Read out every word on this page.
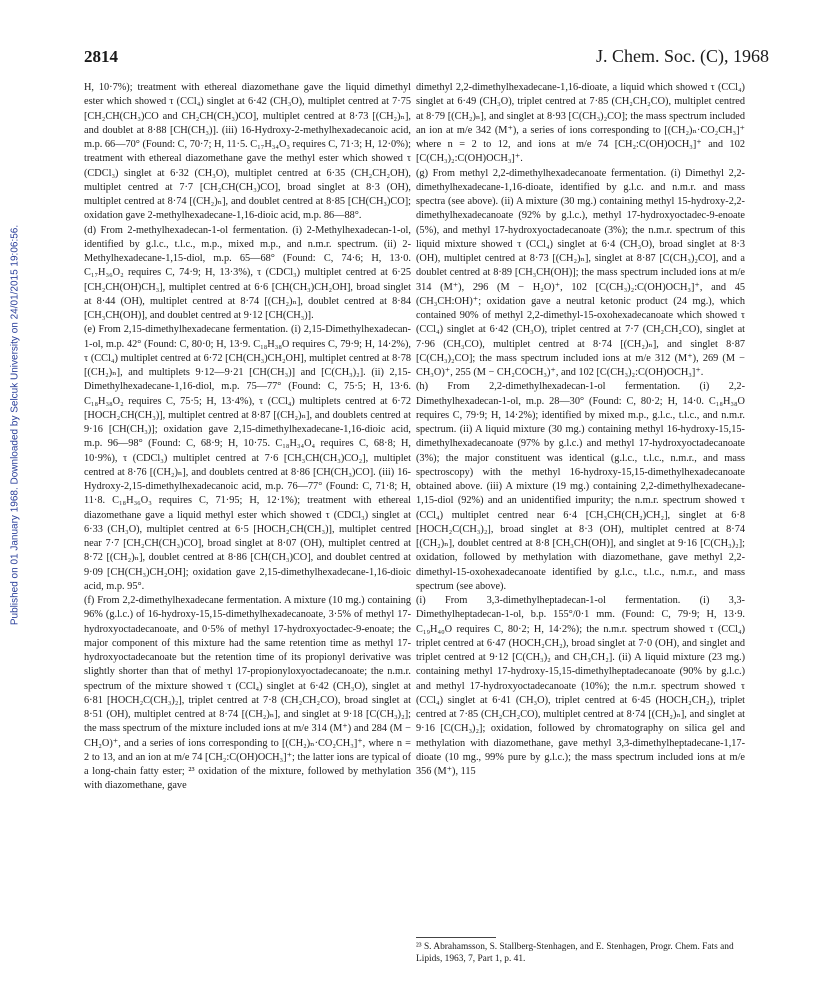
Published on 01 January 1968. Downloaded by Selcuk University on 24/01/2015 19:06:56.
2814	J. Chem. Soc. (C), 1968

H, 10·7%); treatment with ethereal diazomethane gave the liquid dimethyl ester which showed τ (CCl₄) singlet at 6·42 (CH₃O), multiplet centred at 7·75 [CH₂CH(CH₃)CO and CH₂CH(CH₃)CO], multiplet centred at 8·73 [(CH₂)ₙ], and doublet at 8·88 [CH(CH₃)]. (iii) 16-Hydroxy-2-methylhexadecanoic acid, m.p. 66—70° (Found: C, 70·7; H, 11·5. C₁₇H₃₄O₃ requires C, 71·3; H, 12·0%); treatment with ethereal diazomethane gave the methyl ester which showed τ (CDCl₃) singlet at 6·32 (CH₃O), multiplet centred at 6·35 (CH₂CH₂OH), multiplet centred at 7·7 [CH₂CH(CH₃)CO], broad singlet at 8·3 (OH), multiplet centred at 8·74 [(CH₂)ₙ], and doublet centred at 8·85 [CH(CH₃)CO]; oxidation gave 2-methylhexadecane-1,16-dioic acid, m.p. 86—88°.

(d) From 2-methylhexadecan-1-ol fermentation. (i) 2-Methylhexadecan-1-ol, identified by g.l.c., t.l.c., m.p., mixed m.p., and n.m.r. spectrum. (ii) 2-Methylhexadecane-1,15-diol, m.p. 65—68° (Found: C, 74·6; H, 13·0. C₁₇H₃₆O₂ requires C, 74·9; H, 13·3%), τ (CDCl₃) multiplet centred at 6·25 [CH₂CH(OH)CH₃], multiplet centred at 6·6 [CH(CH₃)CH₂OH], broad singlet at 8·44 (OH), multiplet centred at 8·74 [(CH₂)ₙ], doublet centred at 8·84 [CH₃CH(OH)], and doublet centred at 9·12 [CH(CH₃)].

(e) From 2,15-dimethylhexadecane fermentation. (i) 2,15-Dimethylhexadecan-1-ol, m.p. 42° (Found: C, 80·0; H, 13·9. C₁₈H₃₈O requires C, 79·9; H, 14·2%), τ (CCl₄) multiplet centred at 6·72 [CH(CH₃)CH₂OH], multiplet centred at 8·78 [(CH₂)ₙ], and multiplets 9·12—9·21 [CH(CH₃)] and [C(CH₃)₂]. (ii) 2,15-Dimethylhexadecane-1,16-diol, m.p. 75—77° (Found: C, 75·5; H, 13·6. C₁₈H₃₈O₂ requires C, 75·5; H, 13·4%), τ (CCl₄) multiplets centred at 6·72 [HOCH₂CH(CH₃)], multiplet centred at 8·87 [(CH₂)ₙ], and doublets centred at 9·16 [CH(CH₃)]; oxidation gave 2,15-dimethylhexadecane-1,16-dioic acid, m.p. 96—98° (Found: C, 68·9; H, 10·75. C₁₈H₃₄O₄ requires C, 68·8; H, 10·9%), τ (CDCl₃) multiplet centred at 7·6 [CH₃CH(CH₃)CO₂], multiplet centred at 8·76 [(CH₂)ₙ], and doublets centred at 8·86 [CH(CH₃)CO]. (iii) 16-Hydroxy-2,15-dimethylhexadecanoic acid, m.p. 76—77° (Found: C, 71·8; H, 11·8. C₁₈H₃₆O₃ requires C, 71·95; H, 12·1%); treatment with ethereal diazomethane gave a liquid methyl ester which showed τ (CDCl₃) singlet at 6·33 (CH₃O), multiplet centred at 6·5 [HOCH₂CH(CH₃)], multiplet centred near 7·7 [CH₂CH(CH₃)CO], broad singlet at 8·07 (OH), multiplet centred at 8·72 [(CH₂)ₙ], doublet centred at 8·86 [CH(CH₃)CO], and doublet centred at 9·09 [CH(CH₃)CH₂OH]; oxidation gave 2,15-dimethylhexadecane-1,16-dioic acid, m.p. 95°.

(f) From 2,2-dimethylhexadecane fermentation. A mixture (10 mg.) containing 96% (g.l.c.) of 16-hydroxy-15,15-dimethylhexadecanoate, 3·5% of methyl 17-hydroxyoctadecanoate, and 0·5% of methyl 17-hydroxyoctadec-9-enoate; the major component of this mixture had the same retention time as methyl 17-hydroxyoctadecanoate but the retention time of its propionyl derivative was slightly shorter than that of methyl 17-propionyloxyoctadecanoate; the n.m.r. spectrum of the mixture showed τ (CCl₄) singlet at 6·42 (CH₃O), singlet at 6·81 [HOCH₂C(CH₃)₂], triplet centred at 7·8 (CH₂CH₂CO), broad singlet at 8·51 (OH), multiplet centred at 8·74 [(CH₂)ₙ], and singlet at 9·18 [C(CH₃)₂]; the mass spectrum of the mixture included ions at m/e 314 (M⁺) and 284 (M − CH₂O)⁺, and a series of ions corresponding to [(CH₂)ₙ·CO₂CH₃]⁺, where n = 2 to 13, and an ion at m/e 74 [CH₂:C(OH)OCH₃]⁺; the latter ions are typical of a long-chain fatty ester; ²³ oxidation of the mixture, followed by methylation with diazomethane, gave

dimethyl 2,2-dimethylhexadecane-1,16-dioate, a liquid which showed τ (CCl₄) singlet at 6·49 (CH₃O), triplet centred at 7·85 (CH₂CH₂CO), multiplet centred at 8·79 [(CH₂)ₙ], and singlet at 8·93 [C(CH₃)₂CO]; the mass spectrum included an ion at m/e 342 (M⁺), a series of ions corresponding to [(CH₂)ₙ·CO₂CH₃]⁺ where n = 2 to 12, and ions at m/e 74 [CH₂:C(OH)OCH₃]⁺ and 102 [C(CH₃)₂:C(OH)OCH₃]⁺.

(g) From methyl 2,2-dimethylhexadecanoate fermentation. (i) Dimethyl 2,2-dimethylhexadecane-1,16-dioate, identified by g.l.c. and n.m.r. and mass spectra (see above). (ii) A mixture (30 mg.) containing methyl 15-hydroxy-2,2-dimethylhexadecanoate (92% by g.l.c.), methyl 17-hydroxyoctadec-9-enoate (5%), and methyl 17-hydroxyoctadecanoate (3%); the n.m.r. spectrum of this liquid mixture showed τ (CCl₄) singlet at 6·4 (CH₃O), broad singlet at 8·3 (OH), multiplet centred at 8·73 [(CH₂)ₙ], singlet at 8·87 [C(CH₃)₂CO], and a doublet centred at 8·89 [CH₃CH(OH)]; the mass spectrum included ions at m/e 314 (M⁺), 296 (M − H₂O)⁺, 102 [C(CH₃)₂:C(OH)OCH₃]⁺, and 45 (CH₃CH:OH)⁺; oxidation gave a neutral ketonic product (24 mg.), which contained 90% of methyl 2,2-dimethyl-15-oxohexadecanoate which showed τ (CCl₄) singlet at 6·42 (CH₃O), triplet centred at 7·7 (CH₂CH₂CO), singlet at 7·96 (CH₃CO), multiplet centred at 8·74 [(CH₂)ₙ], and singlet 8·87 [C(CH₃)₂CO]; the mass spectrum included ions at m/e 312 (M⁺), 269 (M − CH₃O)⁺, 255 (M − CH₂COCH₃)⁺, and 102 [C(CH₃)₂:C(OH)OCH₃]⁺.

(h) From 2,2-dimethylhexadecan-1-ol fermentation. (i) 2,2-Dimethylhexadecan-1-ol, m.p. 28—30° (Found: C, 80·2; H, 14·0. C₁₈H₃₈O requires C, 79·9; H, 14·2%); identified by mixed m.p., g.l.c., t.l.c., and n.m.r. spectrum. (ii) A liquid mixture (30 mg.) containing methyl 16-hydroxy-15,15-dimethylhexadecanoate (97% by g.l.c.) and methyl 17-hydroxyoctadecanoate (3%); the major constituent was identical (g.l.c., t.l.c., n.m.r., and mass spectroscopy) with the methyl 16-hydroxy-15,15-dimethylhexadecanoate obtained above. (iii) A mixture (19 mg.) containing 2,2-dimethylhexadecane-1,15-diol (92%) and an unidentified impurity; the n.m.r. spectrum showed τ (CCl₄) multiplet centred near 6·4 [CH₃CH(CH₂)CH₂], singlet at 6·8 [HOCH₂C(CH₃)₂], broad singlet at 8·3 (OH), multiplet centred at 8·74 [(CH₂)ₙ], doublet centred at 8·8 [CH₃CH(OH)], and singlet at 9·16 [C(CH₃)₂]; oxidation, followed by methylation with diazomethane, gave methyl 2,2-dimethyl-15-oxohexadecanoate identified by g.l.c., t.l.c., n.m.r., and mass spectrum (see above).

(i) From 3,3-dimethylheptadecan-1-ol fermentation. (i) 3,3-Dimethylheptadecan-1-ol, b.p. 155°/0·1 mm. (Found: C, 79·9; H, 13·9. C₁₉H₄₀O requires C, 80·2; H, 14·2%); the n.m.r. spectrum showed τ (CCl₄) triplet centred at 6·47 (HOCH₂CH₂), broad singlet at 7·0 (OH), and singlet and triplet centred at 9·12 [C(CH₃)₂ and CH₃CH₂]. (ii) A liquid mixture (23 mg.) containing methyl 17-hydroxy-15,15-dimethylheptadecanoate (90% by g.l.c.) and methyl 17-hydroxyoctadecanoate (10%); the n.m.r. spectrum showed τ (CCl₄) singlet at 6·41 (CH₃O), triplet centred at 6·45 (HOCH₂CH₂), triplet centred at 7·85 (CH₂CH₂CO), multiplet centred at 8·74 [(CH₂)ₙ], and singlet at 9·16 [C(CH₃)₂]; oxidation, followed by chromatography on silica gel and methylation with diazomethane, gave methyl 3,3-dimethylheptadecane-1,17-dioate (10 mg., 99% pure by g.l.c.); the mass spectrum included ions at m/e 356 (M⁺), 115

²³ S. Abrahamsson, S. Stallberg-Stenhagen, and E. Stenhagen, Progr. Chem. Fats and Lipids, 1963, 7, Part 1, p. 41.
